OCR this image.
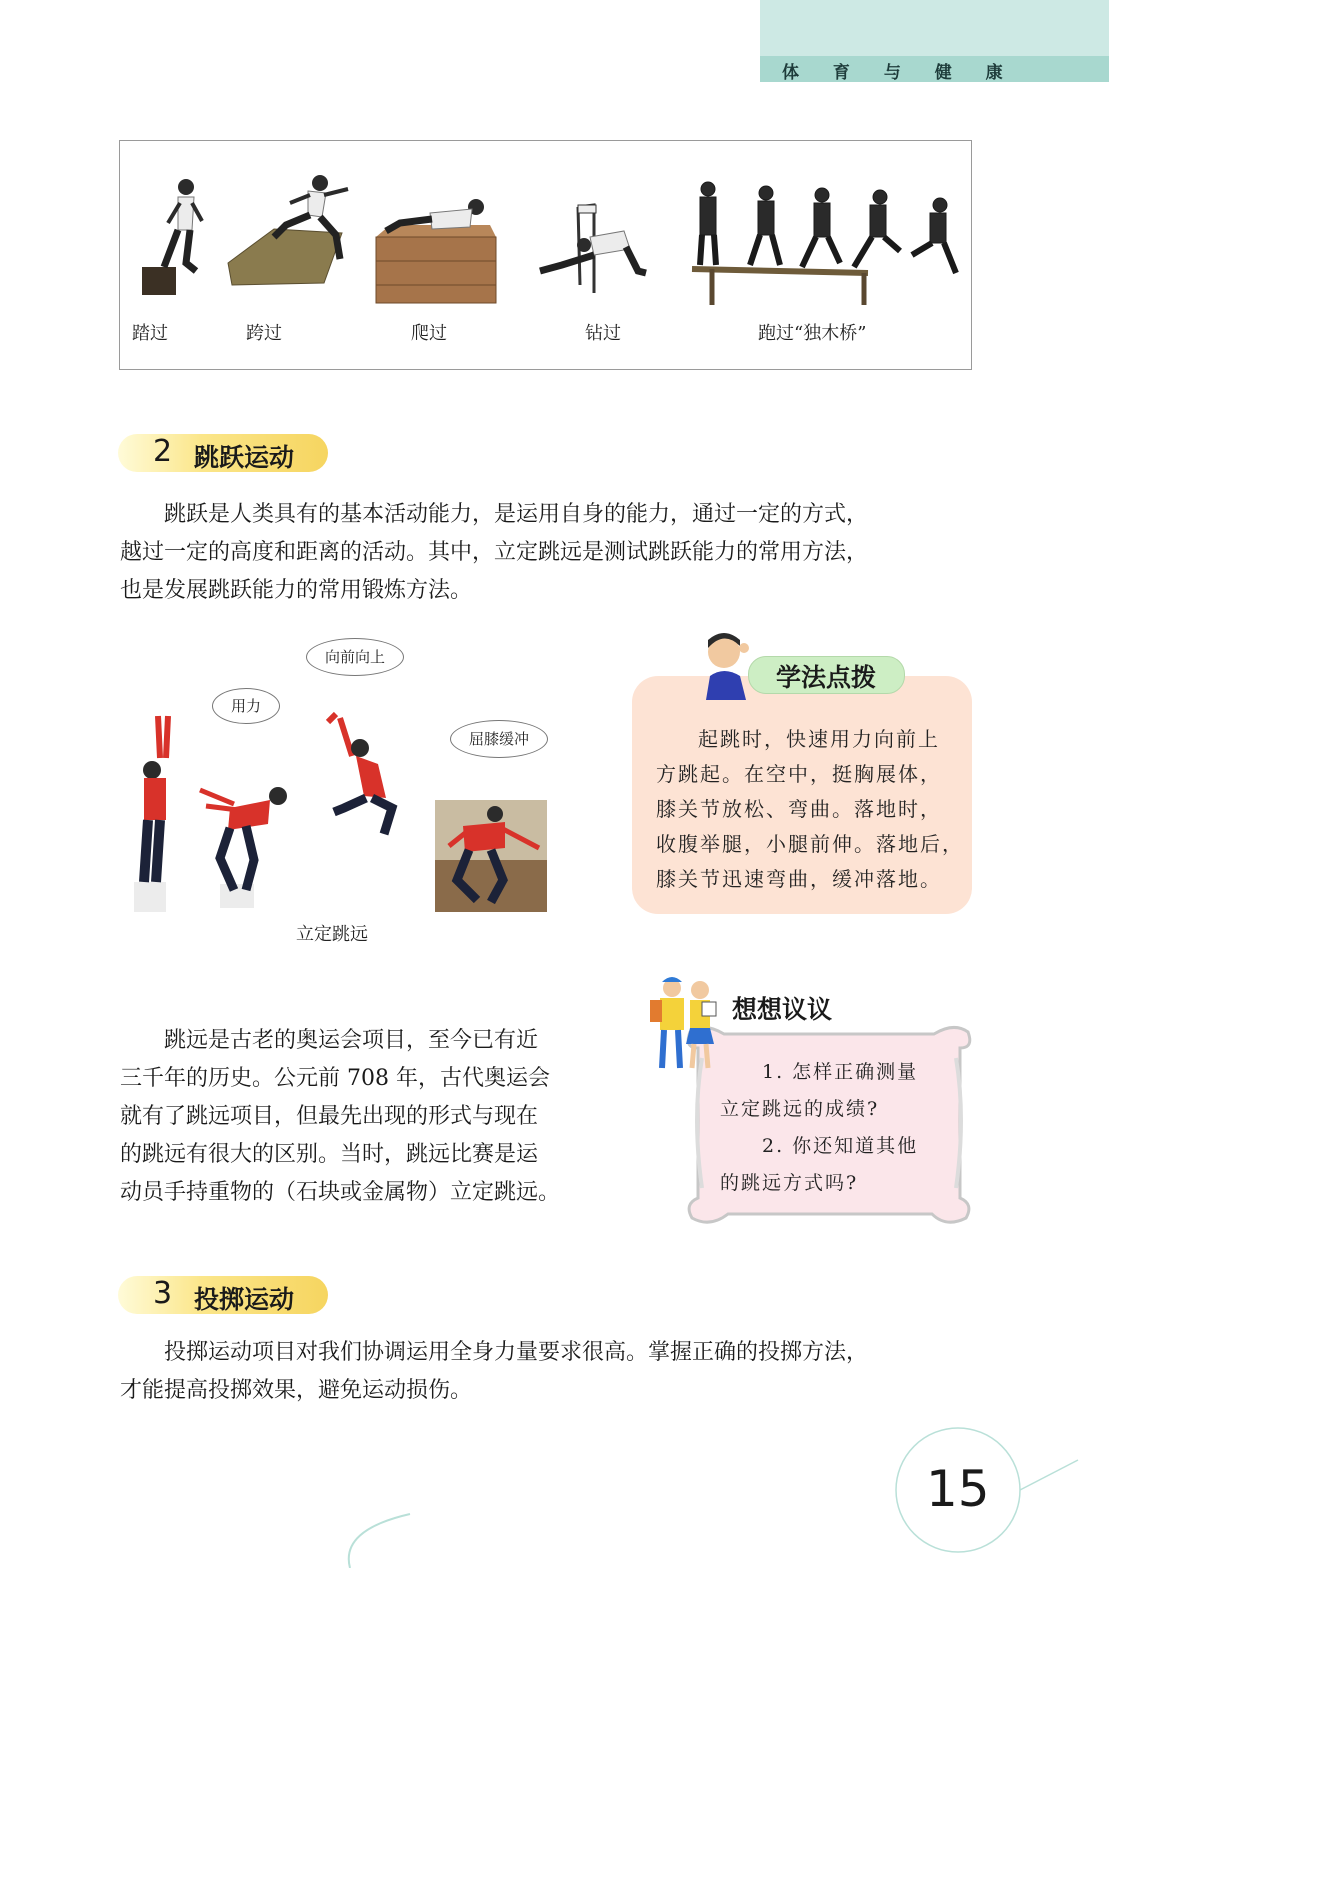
体 育 与 健 康
踏过	跨过	爬过	钻过	跑过“独木桥”
2 跳跃运动
跳跃是人类具有的基本活动能力，是运用自身的能力，通过一定的方式，
越过一定的高度和距离的活动。其中，立定跳远是测试跳跃能力的常用方法，
也是发展跳跃能力的常用锻炼方法。
向前向上
用力
屈膝缓冲
立定跳远
学法点拨
起跳时，快速用力向前上
方跳起。在空中，挺胸展体，
膝关节放松、弯曲。落地时，
收腹举腿，小腿前伸。落地后，
膝关节迅速弯曲，缓冲落地。
跳远是古老的奥运会项目，至今已有近
三千年的历史。公元前 708 年，古代奥运会
就有了跳远项目，但最先出现的形式与现在
的跳远有很大的区别。当时，跳远比赛是运
动员手持重物的（石块或金属物）立定跳远。
想想议议
1. 怎样正确测量
立定跳远的成绩?
2. 你还知道其他
的跳远方式吗?
3 投掷运动
投掷运动项目对我们协调运用全身力量要求很高。掌握正确的投掷方法，
才能提高投掷效果，避免运动损伤。
15
